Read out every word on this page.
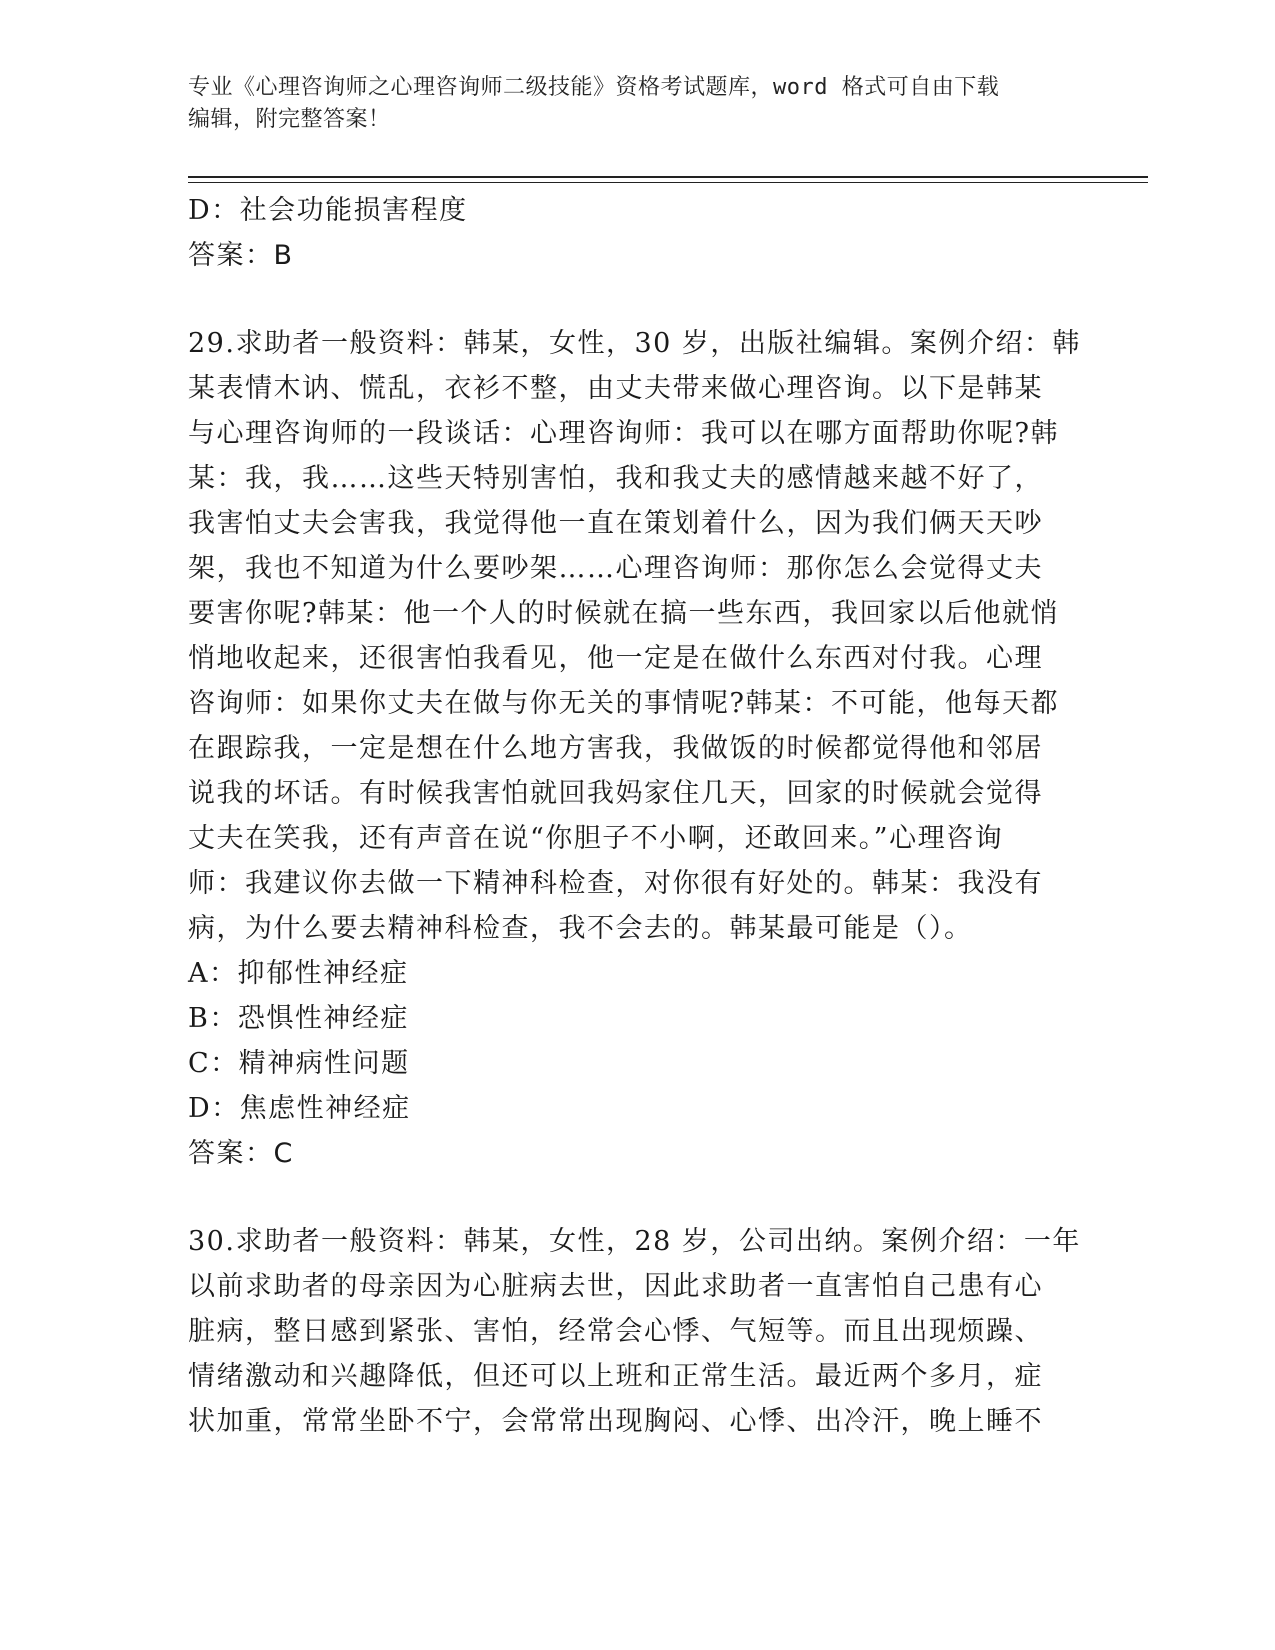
专业《心理咨询师之心理咨询师二级技能》资格考试题库，word 格式可自由下载
编辑，附完整答案！
D：社会功能损害程度
答案：B
29.求助者一般资料：韩某，女性，30 岁，出版社编辑。案例介绍：韩
某表情木讷、慌乱，衣衫不整，由丈夫带来做心理咨询。以下是韩某
与心理咨询师的一段谈话：心理咨询师：我可以在哪方面帮助你呢?韩
某：我，我……这些天特别害怕，我和我丈夫的感情越来越不好了，
我害怕丈夫会害我，我觉得他一直在策划着什么，因为我们俩天天吵
架，我也不知道为什么要吵架……心理咨询师：那你怎么会觉得丈夫
要害你呢?韩某：他一个人的时候就在搞一些东西，我回家以后他就悄
悄地收起来，还很害怕我看见，他一定是在做什么东西对付我。心理
咨询师：如果你丈夫在做与你无关的事情呢?韩某：不可能，他每天都
在跟踪我，一定是想在什么地方害我，我做饭的时候都觉得他和邻居
说我的坏话。有时候我害怕就回我妈家住几天，回家的时候就会觉得
丈夫在笑我，还有声音在说“你胆子不小啊，还敢回来。”心理咨询
师：我建议你去做一下精神科检查，对你很有好处的。韩某：我没有
病，为什么要去精神科检查，我不会去的。韩某最可能是（）。
A：抑郁性神经症
B：恐惧性神经症
C：精神病性问题
D：焦虑性神经症
答案：C
30.求助者一般资料：韩某，女性，28 岁，公司出纳。案例介绍：一年
以前求助者的母亲因为心脏病去世，因此求助者一直害怕自己患有心
脏病，整日感到紧张、害怕，经常会心悸、气短等。而且出现烦躁、
情绪激动和兴趣降低，但还可以上班和正常生活。最近两个多月，症
状加重，常常坐卧不宁，会常常出现胸闷、心悸、出冷汗，晚上睡不
